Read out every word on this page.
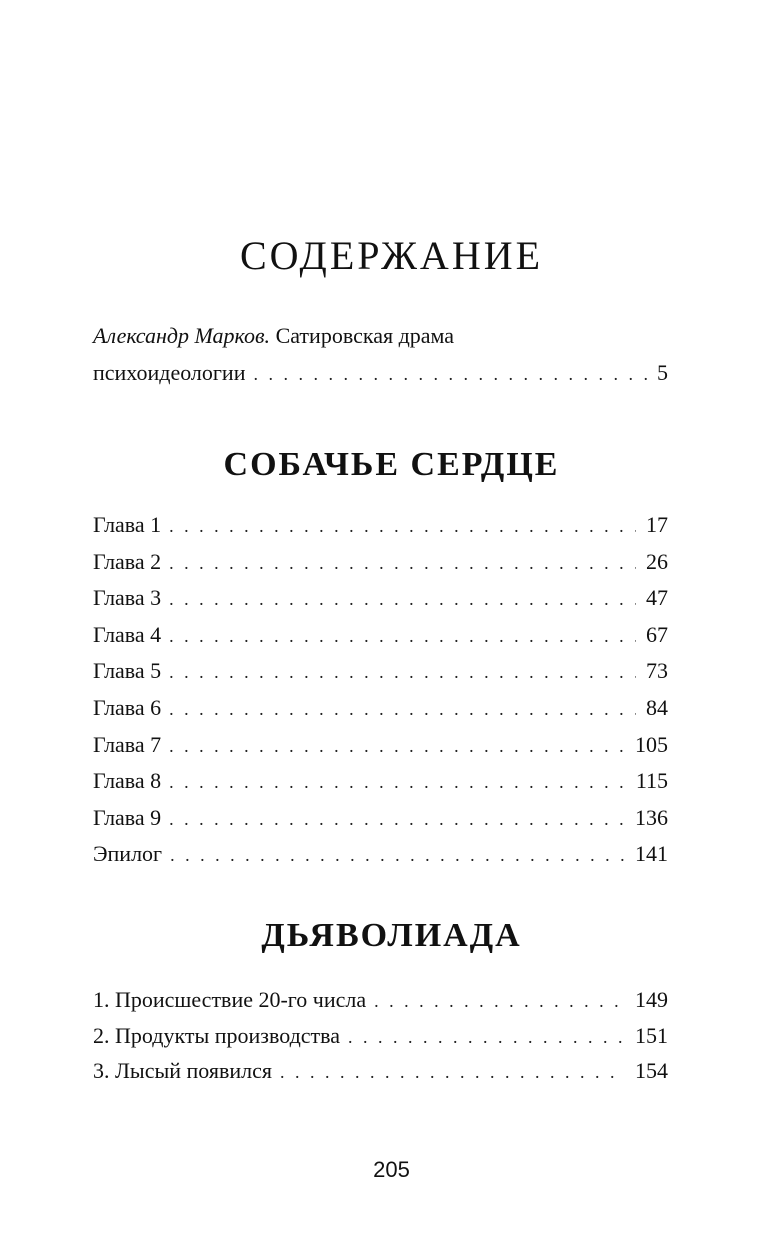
СОДЕРЖАНИЕ
Александр Марков. Сатировская драма
психоидеологии . . .	5
СОБАЧЬЕ СЕРДЦЕ
Глава 1 . . .	17
Глава 2 . . .	26
Глава 3 . . .	47
Глава 4 . . .	67
Глава 5 . . .	73
Глава 6 . . .	84
Глава 7 . . .	105
Глава 8 . . .	115
Глава 9 . . .	136
Эпилог . . .	141
ДЬЯВОЛИАДА
1. Происшествие 20-го числа . . .	149
2. Продукты производства . . .	151
3. Лысый появился . . .	154
205
